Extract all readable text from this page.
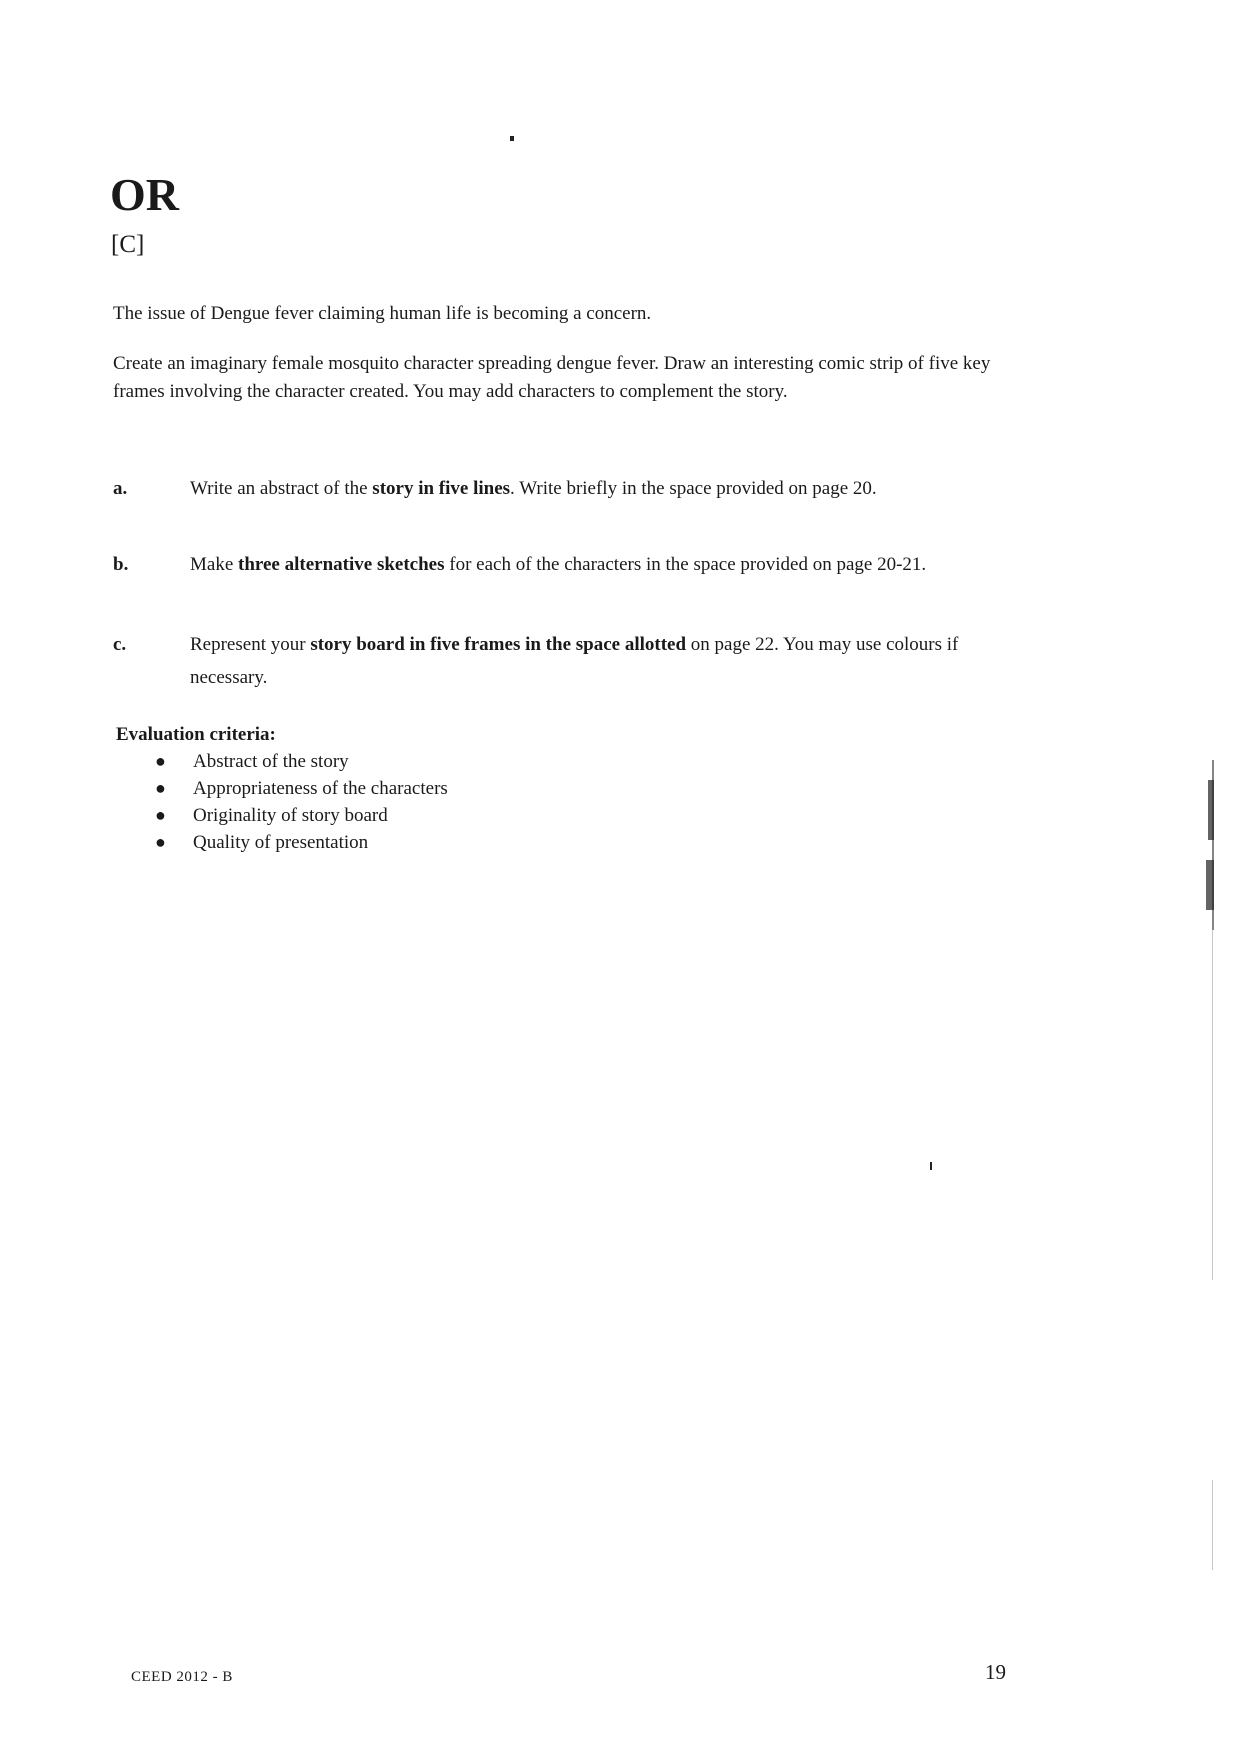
OR
[C]
The issue of Dengue fever claiming human life is becoming a concern.
Create an imaginary female mosquito character spreading dengue fever. Draw an interesting comic strip of five key frames involving the character created. You may add characters to complement the story.
a.	Write an abstract of the story in five lines. Write briefly in the space provided on page 20.
b.	Make three alternative sketches for each of the characters in the space provided on page 20-21.
c.	Represent your story board in five frames in the space allotted on page 22. You may use colours if necessary.
Evaluation criteria:
● Abstract of the story
● Appropriateness of the characters
● Originality of story board
● Quality of presentation
CEED 2012 - B	19
